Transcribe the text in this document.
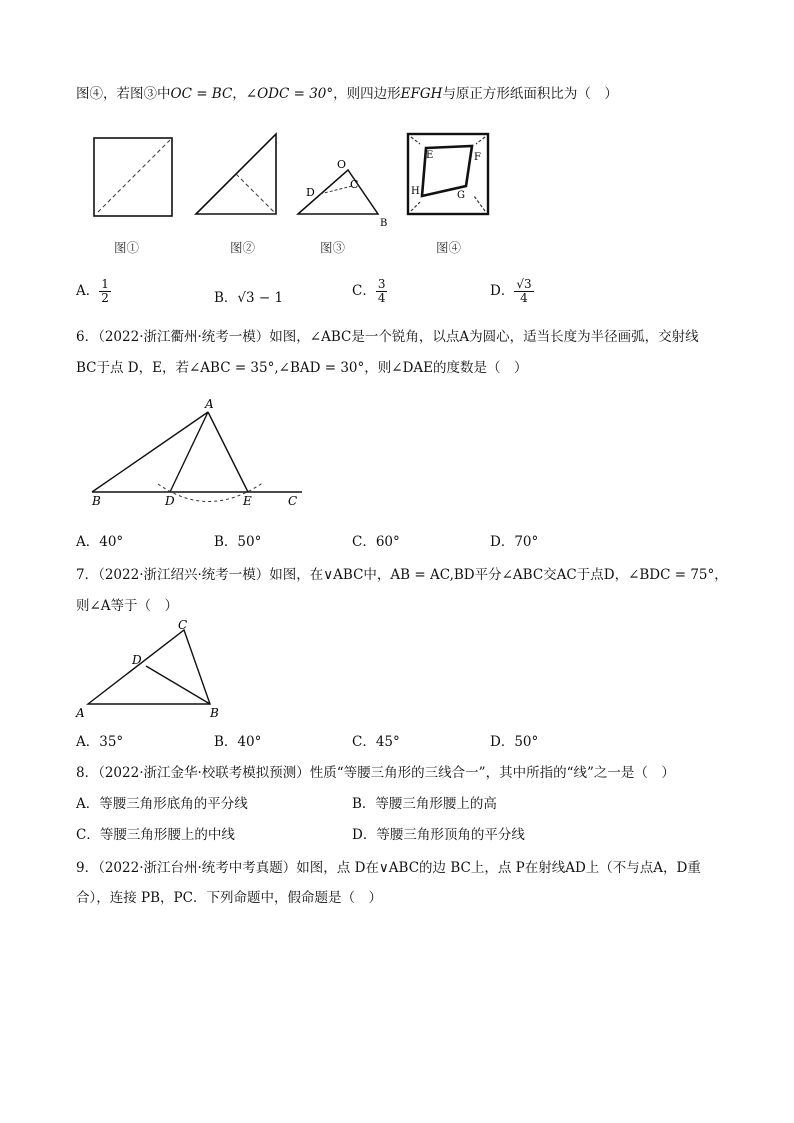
图④，若图③中OC = BC，∠ODC = 30°，则四边形EFGH与原正方形纸面积比为（　）
图①	图②
O
C
D
B
图③
E	F
G
H
图④
A． $\frac{1}{2}$	B．√3 − 1	C． $\frac{3}{4}$	D． $\frac{√3}{4}$
6．（2022·浙江衢州·统考一模）如图，∠ABC是一个锐角，以点A为圆心，适当长度为半径画弧，交射线
BC于点 D，E，若∠ABC = 35°,∠BAD = 30°，则∠DAE的度数是（　）
A
B	D	E	C
A．40°	B．50°	C．60°	D．70°
7．（2022·浙江绍兴·统考一模）如图，在∨ABC中，AB = AC,BD平分∠ABC交AC于点D，∠BDC = 75°，
则∠A等于（　）
C
D
A	B
A．35°	B．40°	C．45°	D．50°
8．（2022·浙江金华·校联考模拟预测）性质“等腰三角形的三线合一”，其中所指的“线”之一是（　）
A．等腰三角形底角的平分线	B．等腰三角形腰上的高
C．等腰三角形腰上的中线	D．等腰三角形顶角的平分线
9．（2022·浙江台州·统考中考真题）如图，点 D在∨ABC的边 BC上，点 P在射线AD上（不与点A，D重
合），连接 PB，PC．下列命题中，假命题是（　）
